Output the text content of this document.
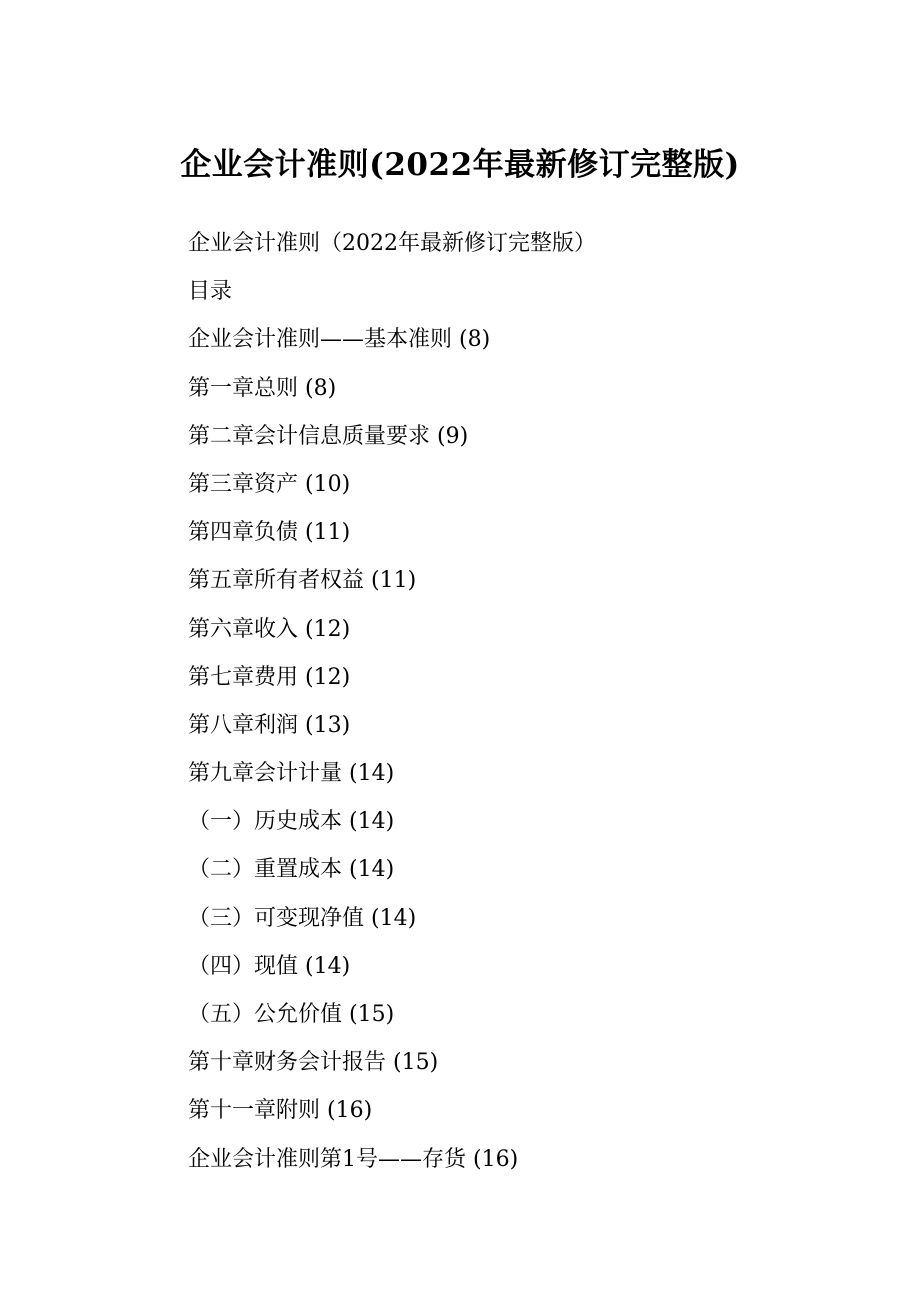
企业会计准则(2022年最新修订完整版)
企业会计准则（2022年最新修订完整版）
目录
企业会计准则——基本准则 (8)
第一章总则 (8)
第二章会计信息质量要求 (9)
第三章资产 (10)
第四章负债 (11)
第五章所有者权益 (11)
第六章收入 (12)
第七章费用 (12)
第八章利润 (13)
第九章会计计量 (14)
（一）历史成本 (14)
（二）重置成本 (14)
（三）可变现净值 (14)
（四）现值 (14)
（五）公允价值 (15)
第十章财务会计报告 (15)
第十一章附则 (16)
企业会计准则第1号——存货 (16)
